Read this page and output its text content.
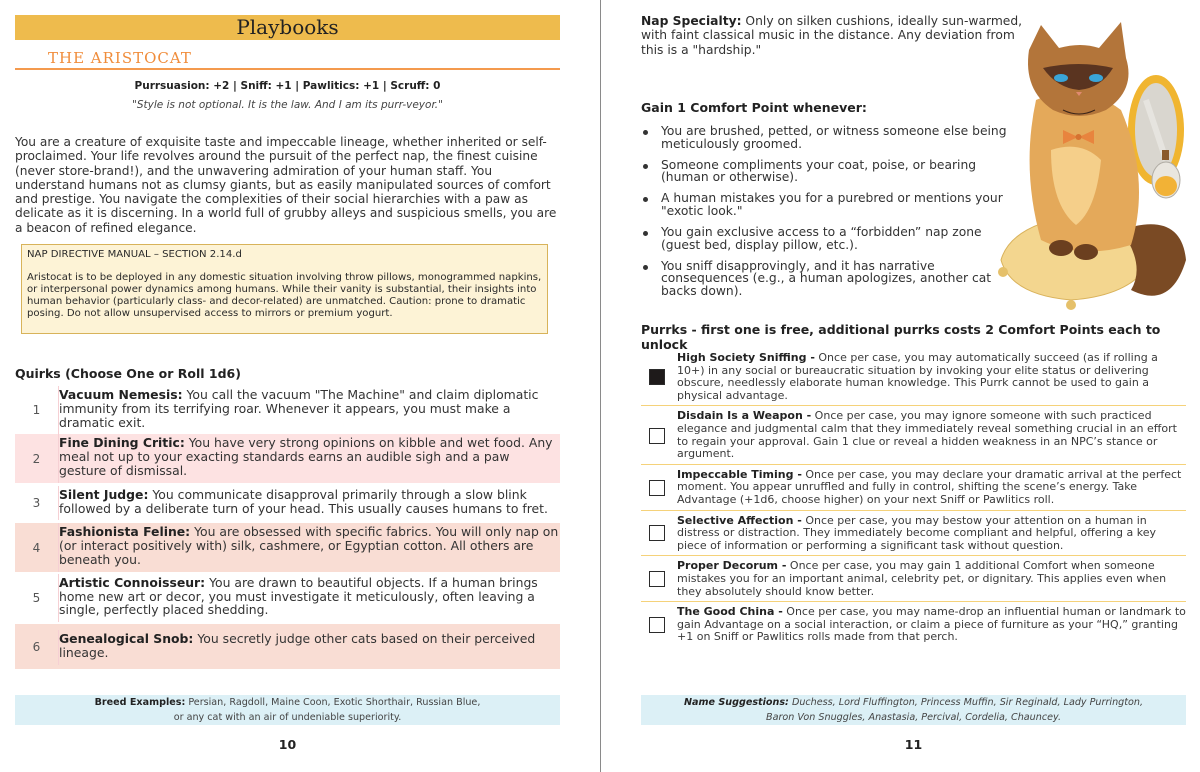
Playbooks
THE ARISTOCAT
Purrsuasion: +2 | Sniff: +1 | Pawlitics: +1 | Scruff: 0
"Style is not optional. It is the law. And I am its purr-veyor."

You are a creature of exquisite taste and impeccable lineage, whether inherited or self-proclaimed. Your life revolves around the pursuit of the perfect nap, the finest cuisine (never store-brand!), and the unwavering admiration of your human staff. You understand humans not as clumsy giants, but as easily manipulated sources of comfort and prestige. You navigate the complexities of their social hierarchies with a paw as delicate as it is discerning. In a world full of grubby alleys and suspicious smells, you are a beacon of refined elegance.

NAP DIRECTIVE MANUAL – SECTION 2.14.d
Aristocat is to be deployed in any domestic situation involving throw pillows, monogrammed napkins, or interpersonal power dynamics among humans. While their vanity is substantial, their insights into human behavior (particularly class- and decor-related) are unmatched. Caution: prone to dramatic posing. Do not allow unsupervised access to mirrors or premium yogurt.
Quirks (Choose One or Roll 1d6)
1
Vacuum Nemesis: You call the vacuum "The Machine" and claim diplomatic immunity from its terrifying roar. Whenever it appears, you must make a dramatic exit.
2
Fine Dining Critic: You have very strong opinions on kibble and wet food. Any meal not up to your exacting standards earns an audible sigh and a paw gesture of dismissal.
3
Silent Judge: You communicate disapproval primarily through a slow blink followed by a deliberate turn of your head. This usually causes humans to fret.
4
Fashionista Feline: You are obsessed with specific fabrics. You will only nap on (or interact positively with) silk, cashmere, or Egyptian cotton. All others are beneath you.
5
Artistic Connoisseur: You are drawn to beautiful objects. If a human brings home new art or decor, you must investigate it meticulously, often leaving a single, perfectly placed shedding.
6
Genealogical Snob: You secretly judge other cats based on their perceived lineage.
Breed Examples: Persian, Ragdoll, Maine Coon, Exotic Shorthair, Russian Blue,
or any cat with an air of undeniable superiority.
10

Nap Specialty: Only on silken cushions, ideally sun-warmed, with faint classical music in the distance. Any deviation from this is a "hardship."

Gain 1 Comfort Point whenever:
You are brushed, petted, or witness someone else being meticulously groomed.
Someone compliments your coat, poise, or bearing (human or otherwise).
A human mistakes you for a purebred or mentions your "exotic look."
You gain exclusive access to a “forbidden” nap zone (guest bed, display pillow, etc.).
You sniff disapprovingly, and it has narrative consequences (e.g., a human apologizes, another cat backs down).
Purrks - first one is free, additional purrks costs 2 Comfort Points each to unlock
High Society Sniffing - Once per case, you may automatically succeed (as if rolling a 10+) in any social or bureaucratic situation by invoking your elite status or delivering obscure, needlessly elaborate human knowledge. This Purrk cannot be used to gain a physical advantage.
Disdain Is a Weapon - Once per case, you may ignore someone with such practiced elegance and judgmental calm that they immediately reveal something crucial in an effort to regain your approval. Gain 1 clue or reveal a hidden weakness in an NPC’s stance or argument.
Impeccable Timing - Once per case, you may declare your dramatic arrival at the perfect moment. You appear unruffled and fully in control, shifting the scene’s energy. Take Advantage (+1d6, choose higher) on your next Sniff or Pawlitics roll.
Selective Affection - Once per case, you may bestow your attention on a human in distress or distraction. They immediately become compliant and helpful, offering a key piece of information or performing a significant task without question.
Proper Decorum - Once per case, you may gain 1 additional Comfort when someone mistakes you for an important animal, celebrity pet, or dignitary. This applies even when they absolutely should know better.
The Good China - Once per case, you may name-drop an influential human or landmark to gain Advantage on a social interaction, or claim a piece of furniture as your “HQ,” granting +1 on Sniff or Pawlitics rolls made from that perch.
Name Suggestions: Duchess, Lord Fluffington, Princess Muffin, Sir Reginald, Lady Purrington,
Baron Von Snuggles, Anastasia, Percival, Cordelia, Chauncey.
11
